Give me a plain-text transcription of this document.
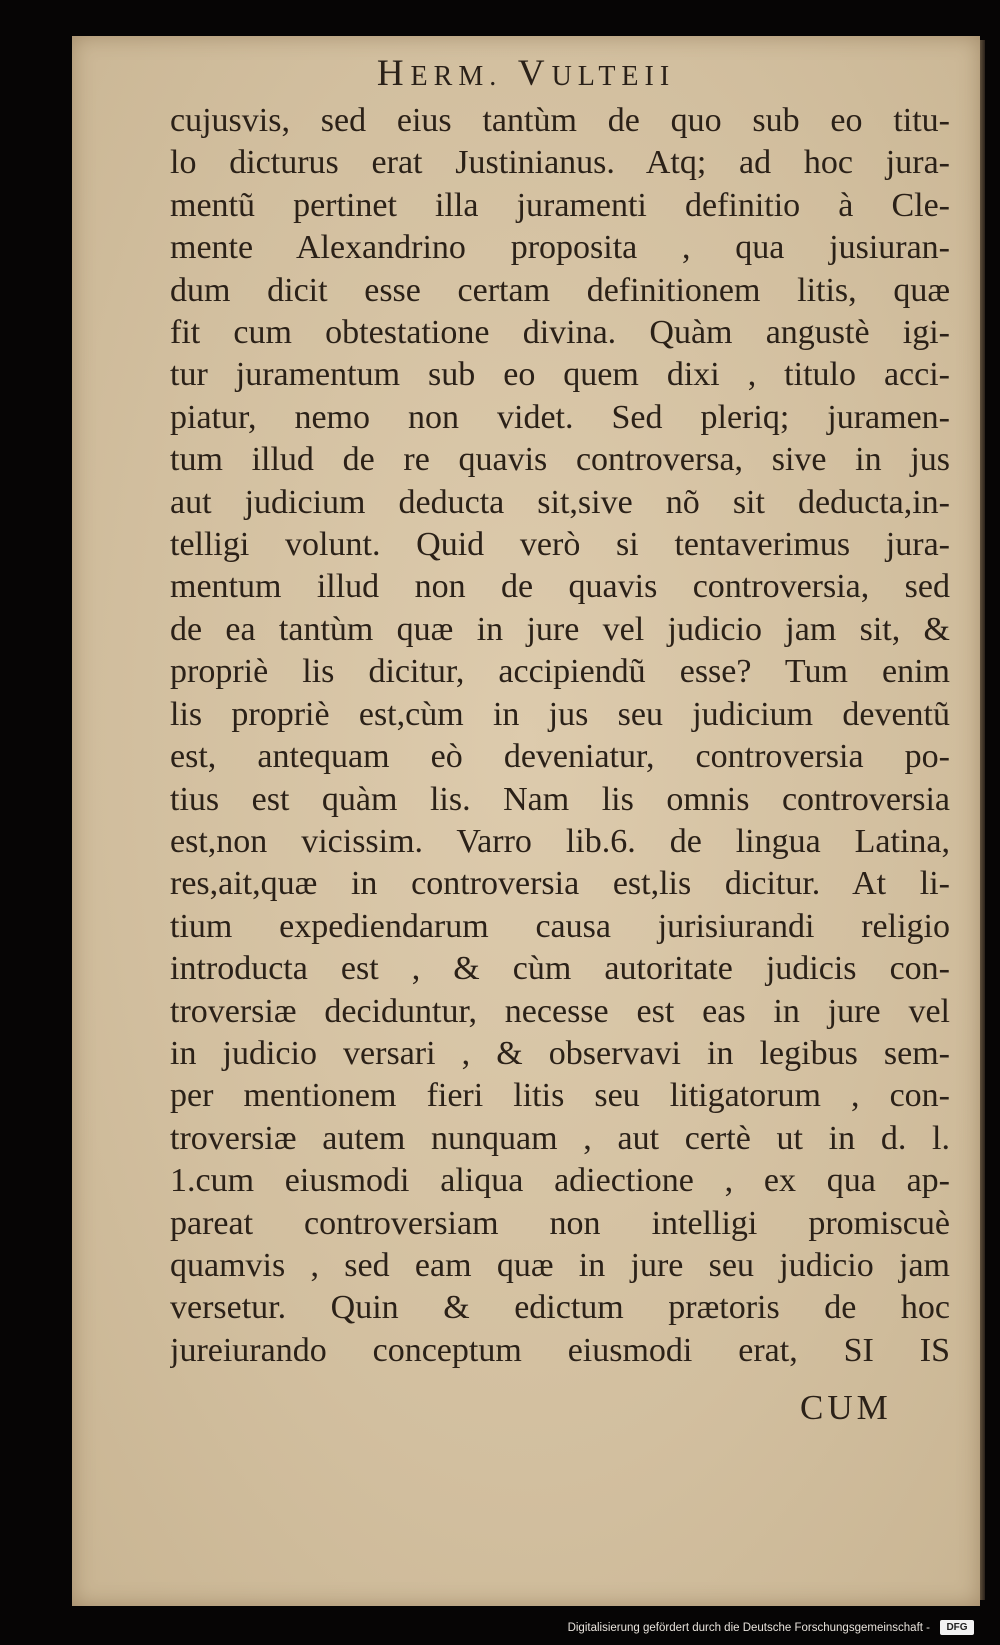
HERM. VULTEII
cujusvis, sed eius tantùm de quo sub eo titu-
lo dicturus erat Justinianus. Atq; ad hoc jura-
mentũ pertinet illa juramenti definitio à Cle-
mente Alexandrino proposita , qua jusiuran-
dum dicit esse certam definitionem litis, quæ
fit cum obtestatione divina. Quàm angustè igi-
tur juramentum sub eo quem dixi , titulo acci-
piatur, nemo non videt. Sed pleriq; juramen-
tum illud de re quavis controversa, sive in jus
aut judicium deducta sit,sive nõ sit deducta,in-
telligi volunt. Quid verò si tentaverimus jura-
mentum illud non de quavis controversia, sed
de ea tantùm quæ in jure vel judicio jam sit, &
propriè lis dicitur, accipiendũ esse? Tum enim
lis propriè est,cùm in jus seu judicium deventũ
est, antequam eò deveniatur, controversia po-
tius est quàm lis. Nam lis omnis controversia
est,non vicissim. Varro lib.6. de lingua Latina,
res,ait,quæ in controversia est,lis dicitur. At li-
tium expediendarum causa jurisiurandi religio
introducta est , & cùm autoritate judicis con-
troversiæ deciduntur, necesse est eas in jure vel
in judicio versari , & observavi in legibus sem-
per mentionem fieri litis seu litigatorum , con-
troversiæ autem nunquam , aut certè ut in d. l.
1.cum eiusmodi aliqua adiectione , ex qua ap-
pareat controversiam non intelligi promiscuè
quamvis , sed eam quæ in jure seu judicio jam
versetur. Quin & edictum prætoris de hoc
jureiurando conceptum eiusmodi erat, SI IS
CUM
Digitalisierung gefördert durch die Deutsche Forschungsgemeinschaft -	DFG
